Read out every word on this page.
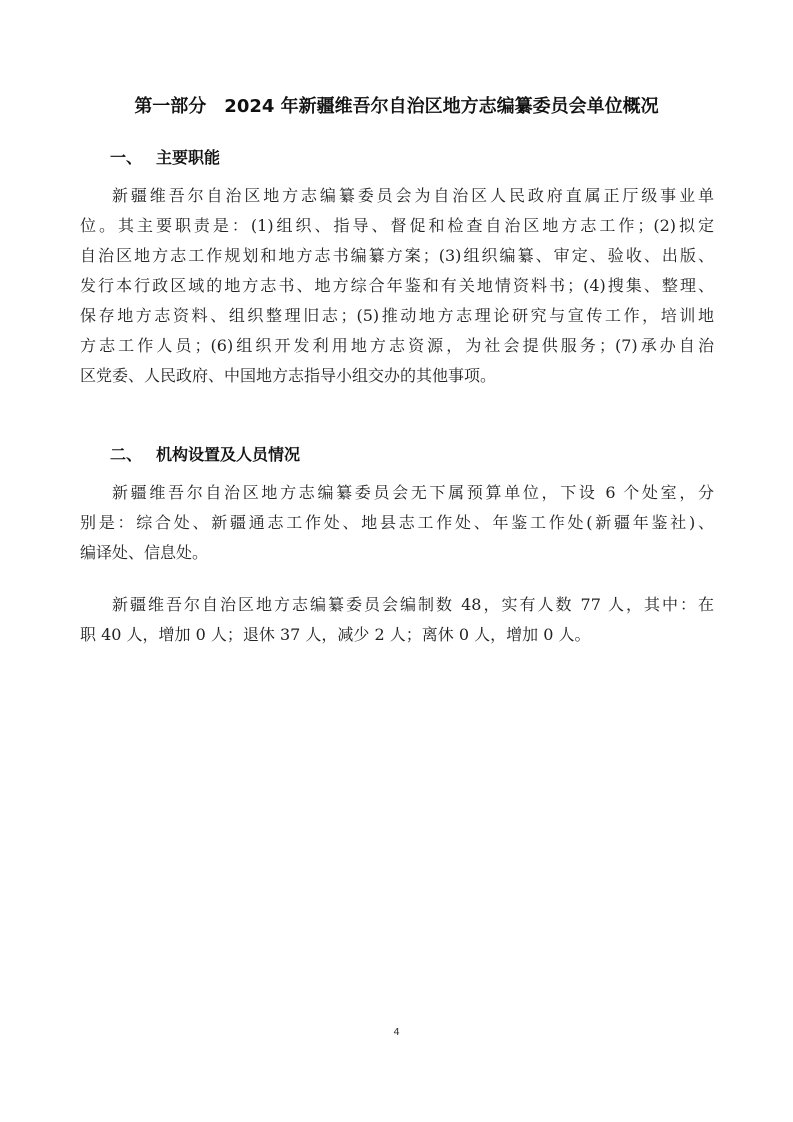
第一部分　2024 年新疆维吾尔自治区地方志编纂委员会单位概况
一、 主要职能
新疆维吾尔自治区地方志编纂委员会为自治区人民政府直属正厅级事业单
位。其主要职责是：(1)组织、指导、督促和检查自治区地方志工作；(2)拟定
自治区地方志工作规划和地方志书编纂方案；(3)组织编纂、审定、验收、出版、
发行本行政区域的地方志书、地方综合年鉴和有关地情资料书；(4)搜集、整理、
保存地方志资料、组织整理旧志；(5)推动地方志理论研究与宣传工作，培训地
方志工作人员；(6)组织开发利用地方志资源，为社会提供服务；(7)承办自治
区党委、人民政府、中国地方志指导小组交办的其他事项。
二、 机构设置及人员情况
新疆维吾尔自治区地方志编纂委员会无下属预算单位，下设 6 个处室，分
别是：综合处、新疆通志工作处、地县志工作处、年鉴工作处(新疆年鉴社)、
编译处、信息处。
新疆维吾尔自治区地方志编纂委员会编制数 48，实有人数 77 人，其中：在
职 40 人，增加 0 人；退休 37 人，减少 2 人；离休 0 人，增加 0 人。
4
